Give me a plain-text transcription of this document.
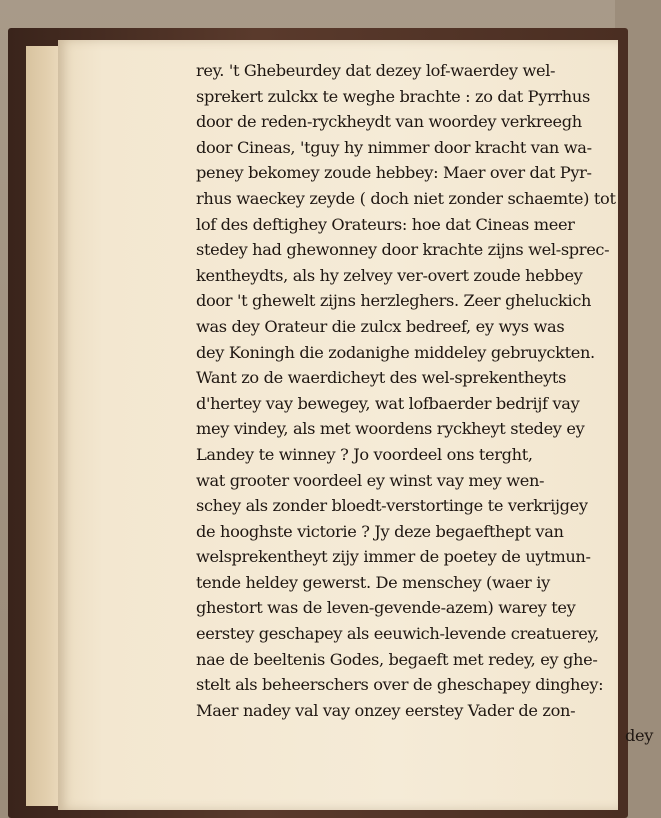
rey. 't Ghebeurdey dat dezey lof-waerdey wel-
sprekert zulckx te weghe brachte : zo dat Pyrrhus
door de reden-ryckheydt van woordey verkreegh
door Cineas, 'tguy hy nimmer door kracht van wa-
peney bekomey zoude hebbey: Maer over dat Pyr-
rhus waeckey zeyde ( doch niet zonder schaemte) tot
lof des deftighey Orateurs: hoe dat Cineas meer
stedey had ghewonney door krachte zijns wel-sprec-
kentheydts, als hy zelvey ver-overt zoude hebbey
door 't ghewelt zijns herzleghers. Zeer gheluckich
was dey Orateur die zulcx bedreef, ey wys was
dey Koningh die zodanighe middeley gebruyckten.
Want zo de waerdicheyt des wel-sprekentheyts
d'hertey vay bewegey, wat lofbaerder bedrijf vay
mey vindey, als met woordens ryckheyt stedey ey
Landey te winney ? Jo voordeel ons terght,
wat grooter voordeel ey winst vay mey wen-
schey als zonder bloedt-verstortinge te verkrijgey
de hooghste victorie ? Jy deze begaefthept van
welsprekentheyt zijy immer de poetey de uytmun-
tende heldey gewerst. De menschey (waer iy
ghestort was de leven-gevende-azem) warey tey
eerstey geschapey als eeuwich-levende creatuerey,
nae de beeltenis Godes, begaeft met redey, ey ghe-
stelt als beheerschers over de gheschapey dinghey:
Maer nadey val vay onzey eerstey Vader de zon-
dey
